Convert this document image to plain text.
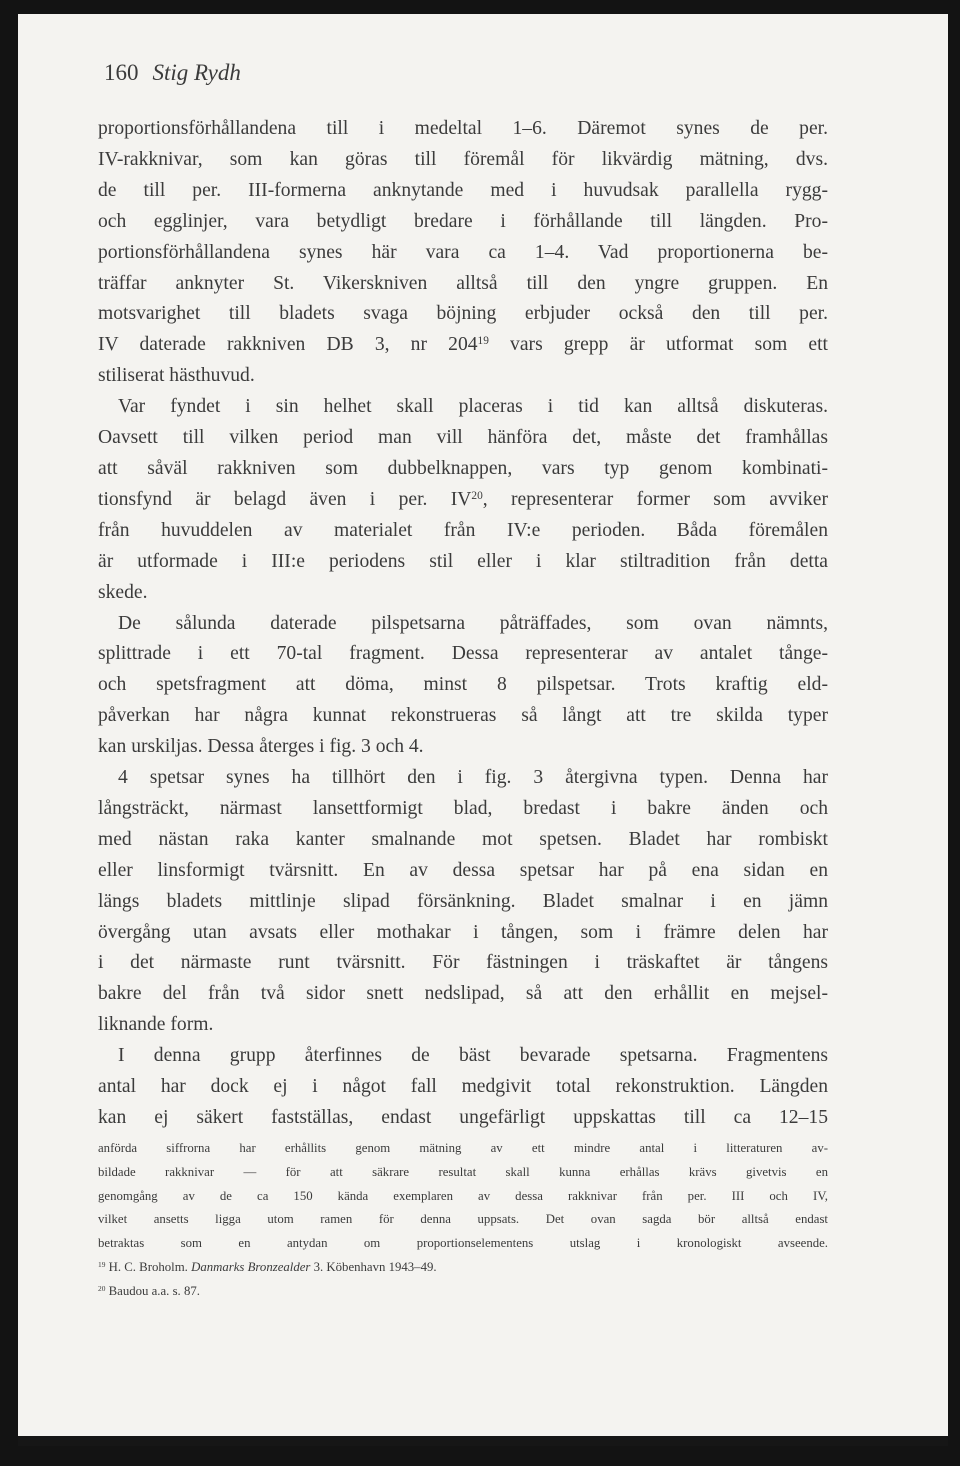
160 Stig Rydh
proportionsförhållandena till i medeltal 1–6. Däremot synes de per.
IV-rakknivar, som kan göras till föremål för likvärdig mätning, dvs.
de till per. III-formerna anknytande med i huvudsak parallella rygg-
och egglinjer, vara betydligt bredare i förhållande till längden. Pro-
portionsförhållandena synes här vara ca 1–4. Vad proportionerna be-
träffar anknyter St. Vikerskniven alltså till den yngre gruppen. En
motsvarighet till bladets svaga böjning erbjuder också den till per.
IV daterade rakkniven DB 3, nr $204^{19}$ vars grepp är utformat som ett
stiliserat hästhuvud.
Var fyndet i sin helhet skall placeras i tid kan alltså diskuteras.
Oavsett till vilken period man vill hänföra det, måste det framhållas
att såväl rakkniven som dubbelknappen, vars typ genom kombinati-
tionsfynd är belagd även i per. IV$^{20}$, representerar former som avviker
från huvuddelen av materialet från IV:e perioden. Båda föremålen
är utformade i III:e periodens stil eller i klar stiltradition från detta
skede.
De sålunda daterade pilspetsarna påträffades, som ovan nämnts,
splittrade i ett 70-tal fragment. Dessa representerar av antalet tånge-
och spetsfragment att döma, minst 8 pilspetsar. Trots kraftig eld-
påverkan har några kunnat rekonstrueras så långt att tre skilda typer
kan urskiljas. Dessa återges i fig. 3 och 4.
4 spetsar synes ha tillhört den i fig. 3 återgivna typen. Denna har
långsträckt, närmast lansettformigt blad, bredast i bakre änden och
med nästan raka kanter smalnande mot spetsen. Bladet har rombiskt
eller linsformigt tvärsnitt. En av dessa spetsar har på ena sidan en
längs bladets mittlinje slipad försänkning. Bladet smalnar i en jämn
övergång utan avsats eller mothakar i tången, som i främre delen har
i det närmaste runt tvärsnitt. För fästningen i träskaftet är tångens
bakre del från två sidor snett nedslipad, så att den erhållit en mejsel-
liknande form.
I denna grupp återfinnes de bäst bevarade spetsarna. Fragmentens
antal har dock ej i något fall medgivit total rekonstruktion. Längden
kan ej säkert fastställas, endast ungefärligt uppskattas till ca 12–15
anförda siffrorna har erhållits genom mätning av ett mindre antal i litteraturen av-
bildade rakknivar — för att säkrare resultat skall kunna erhållas krävs givetvis en
genomgång av de ca 150 kända exemplaren av dessa rakknivar från per. III och IV,
vilket ansetts ligga utom ramen för denna uppsats. Det ovan sagda bör alltså endast
betraktas som en antydan om proportionselementens utslag i kronologiskt avseende.
$^{19}$ H. C. Broholm. Danmarks Bronzealder 3. Köbenhavn 1943–49.
$^{20}$ Baudou a.a. s. 87.
